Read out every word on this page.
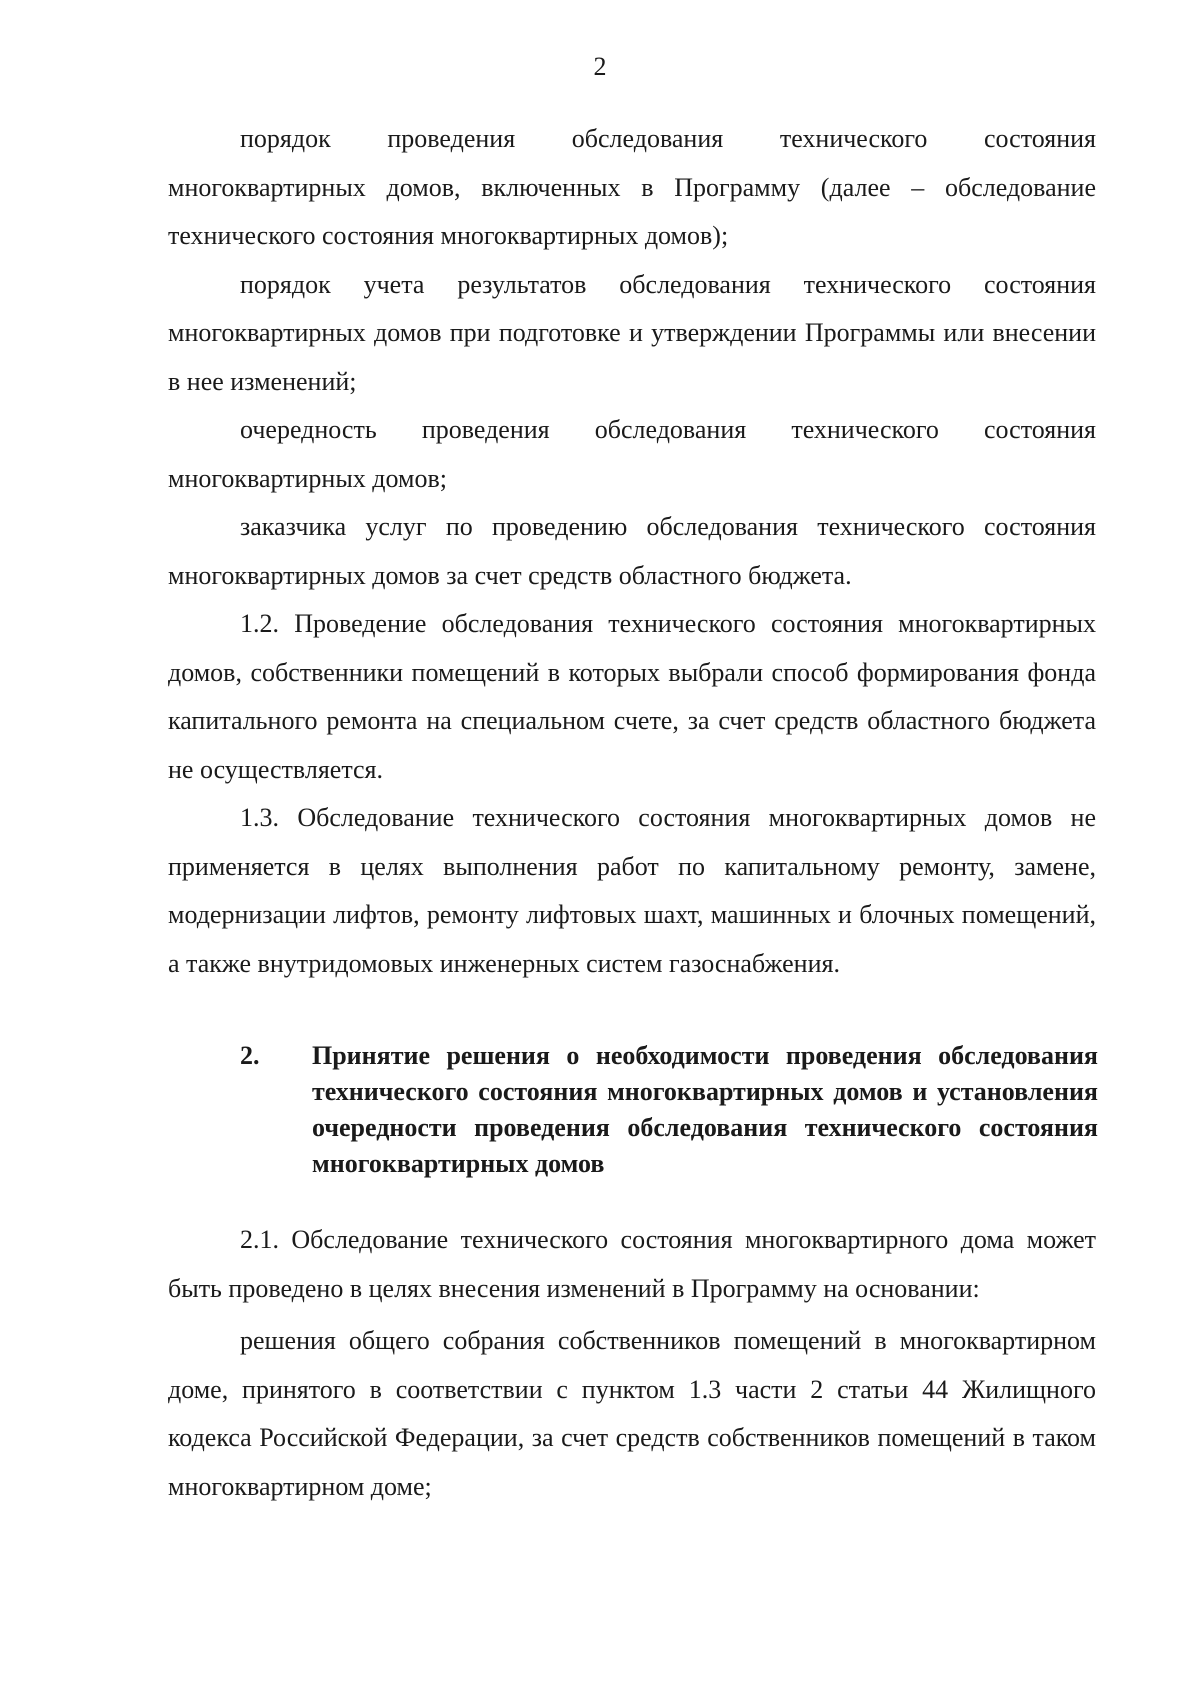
2

порядок проведения обследования технического состояния многоквартирных домов, включенных в Программу (далее – обследование технического состояния многоквартирных домов);

порядок учета результатов обследования технического состояния многоквартирных домов при подготовке и утверждении Программы или внесении в нее изменений;

очередность проведения обследования технического состояния многоквартирных домов;

заказчика услуг по проведению обследования технического состояния многоквартирных домов за счет средств областного бюджета.

1.2. Проведение обследования технического состояния многоквартирных домов, собственники помещений в которых выбрали способ формирования фонда капитального ремонта на специальном счете, за счет средств областного бюджета не осуществляется.

1.3. Обследование технического состояния многоквартирных домов не применяется в целях выполнения работ по капитальному ремонту, замене, модернизации лифтов, ремонту лифтовых шахт, машинных и блочных помещений, а также внутридомовых инженерных систем газоснабжения.

2.	Принятие решения о необходимости проведения обследования технического состояния многоквартирных домов и установления очередности проведения обследования технического состояния многоквартирных домов

2.1. Обследование технического состояния многоквартирного дома может быть проведено в целях внесения изменений в Программу на основании:

решения общего собрания собственников помещений в многоквартирном доме, принятого в соответствии с пунктом 1.3 части 2 статьи 44 Жилищного кодекса Российской Федерации, за счет средств собственников помещений в таком многоквартирном доме;
